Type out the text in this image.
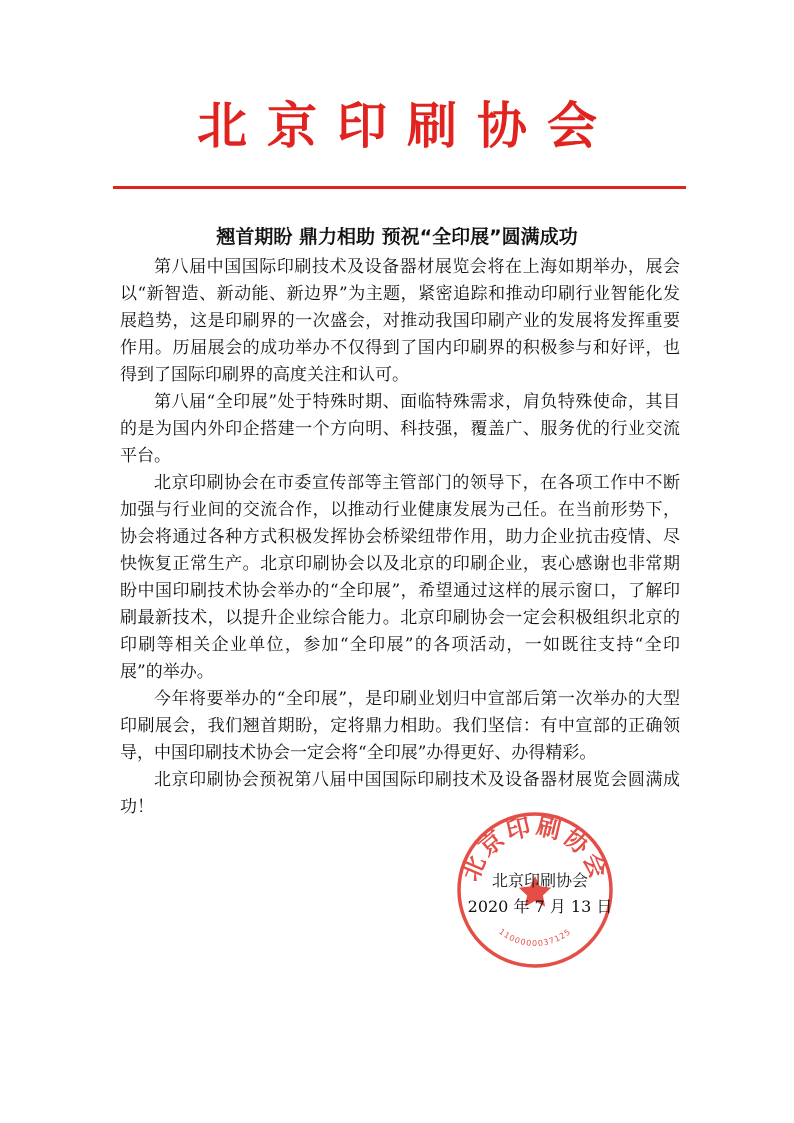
北京印刷协会
翘首期盼 鼎力相助 预祝“全印展”圆满成功

第八届中国国际印刷技术及设备器材展览会将在上海如期举办，展会以“新智造、新动能、新边界”为主题，紧密追踪和推动印刷行业智能化发展趋势，这是印刷界的一次盛会，对推动我国印刷产业的发展将发挥重要作用。历届展会的成功举办不仅得到了国内印刷界的积极参与和好评，也得到了国际印刷界的高度关注和认可。

第八届“全印展”处于特殊时期、面临特殊需求，肩负特殊使命，其目的是为国内外印企搭建一个方向明、科技强，覆盖广、服务优的行业交流平台。

北京印刷协会在市委宣传部等主管部门的领导下，在各项工作中不断加强与行业间的交流合作，以推动行业健康发展为己任。在当前形势下，协会将通过各种方式积极发挥协会桥梁纽带作用，助力企业抗击疫情、尽快恢复正常生产。北京印刷协会以及北京的印刷企业，衷心感谢也非常期盼中国印刷技术协会举办的“全印展”，希望通过这样的展示窗口，了解印刷最新技术，以提升企业综合能力。北京印刷协会一定会积极组织北京的印刷等相关企业单位，参加“全印展”的各项活动，一如既往支持“全印展”的举办。

今年将要举办的“全印展”，是印刷业划归中宣部后第一次举办的大型印刷展会，我们翘首期盼，定将鼎力相助。我们坚信：有中宣部的正确领导，中国印刷技术协会一定会将“全印展”办得更好、办得精彩。

北京印刷协会预祝第八届中国国际印刷技术及设备器材展览会圆满成功！

北京印刷协会
1100000037125
北京印刷协会
2020 年 7 月 13 日
